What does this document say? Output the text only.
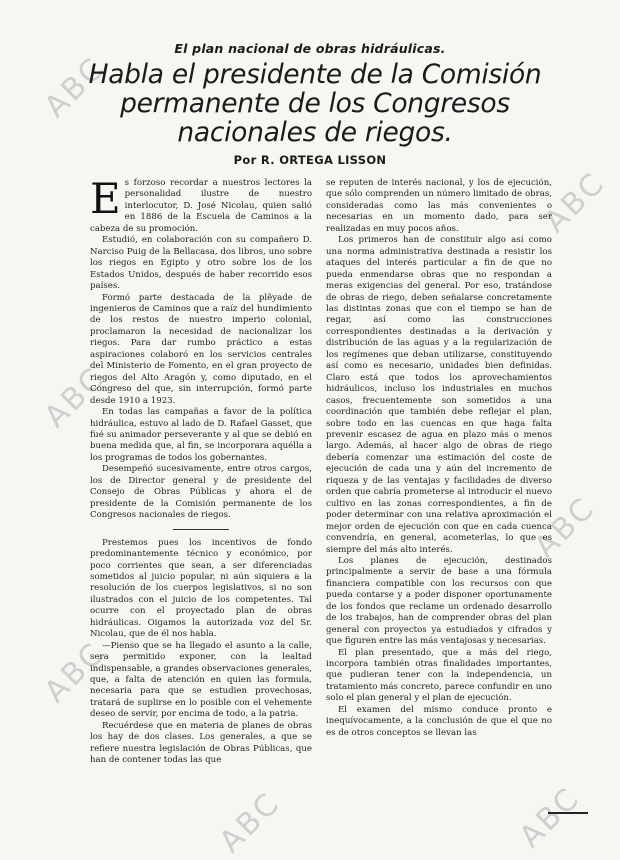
ABC
ABC
ABC
ABC
ABC
ABC	ABC
El plan nacional de obras hidráulicas.
Habla el presidente de la Comisión permanente de los Congresos nacionales de riegos.
Por R. ORTEGA LISSON

Es forzoso recordar a nuestros lectores la personalidad ilustre de nuestro interlocutor, D. José Nicolau, quien salió en 1886 de la Escuela de Caminos a la cabeza de su promoción.

Estudió, en colaboración con su compañero D. Narciso Puig de la Bellacasa, dos libros, uno sobre los riegos en Egipto y otro sobre los de los Estados Unidos, después de haber recorrido esos países.

Formó parte destacada de la plêyade de ingenieros de Caminos que a raíz del hundimiento de los restos de nuestro imperio colonial, proclamaron la necesidad de nacionalizar los riegos. Para dar rumbo práctico a estas aspiraciones colaboró en los servicios centrales del Ministerio de Fomento, en el gran proyecto de riegos del Alto Aragón y, como diputado, en el Congreso del que, sin interrupción, formó parte desde 1910 a 1923.

En todas las campañas a favor de la política hidráulica, estuvo al lado de D. Rafael Gasset, que fué su animador perseverante y al que se debió en buena medida que, al fin, se incorporara aquélla a los programas de todos los gobernantes.

Desempeñó sucesivamente, entre otros cargos, los de Director general y de presidente del Consejo de Obras Públicas y ahora el de presidente de la Comisión permanente de los Congresos nacionales de riegos.

Prestemos pues los incentivos de fondo predominantemente técnico y económico, por poco corrientes que sean, a ser diferenciadas sometidos al juicio popular, ni aún siquiera a la resolución de los cuerpos legislativos, si no son ilustrados con el juicio de los competentes. Tal ocurre con el proyectado plan de obras hidráulicas. Oigamos la autorizada voz del Sr. Nicolau, que de él nos habla.

—Pienso que se ha llegado el asunto a la calle, sera permitido exponer, con la lealtad indispensable, a grandes observaciones generales, que, a falta de atención en quien las formula, necesaria para que se estudien provechosas, tratará de suplirse en lo posible con el vehemente deseo de servir, por encima de todo, a la patria.

Recuérdese que en materia de planes de obras los hay de dos clases. Los generales, a que se refiere nuestra legislación de Obras Públicas, que han de contener todas las que

se reputen de interés nacional, y los de ejecución, que sólo comprenden un número limitado de obras, consideradas como las más convenientes o necesarias en un momento dado, para ser realizadas en muy pocos años.

Los primeros han de constituir algo así como una norma administrativa destinada a resistir los ataques del interés particular a fin de que no pueda enmendarse obras que no respondan a meras exigencias del general. Por eso, tratándose de obras de riego, deben señalarse concretamente las distintas zonas que con el tiempo se han de regar, así como las construcciones correspondientes destinadas a la derivación y distribución de las aguas y a la regularización de los regímenes que deban utilizarse, constituyendo así como es necesario, unidades bien definidas. Claro está que todos los aprovechamientos hidráulicos, incluso los industriales en muchos casos, frecuentemente son sometidos a una coordinación que también debe reflejar el plan, sobre todo en las cuencas en que haga falta prevenir escasez de agua en plazo más o menos largo. Además, al hacer algo de obras de riego debería comenzar una estimación del coste de ejecución de cada una y aún del incremento de riqueza y de las ventajas y facilidades de diverso orden que cabría prometerse al introducir el nuevo cultivo en las zonas correspondientes, a fin de poder determinar con una relativa aproximación el mejor orden de ejecución con que en cada cuenca convendría, en general, acometerlas, lo que es siempre del más alto interés.

Los planes de ejecución, destinados principalmente a servir de base a una fórmula financiera compatible con los recursos con que pueda contarse y a poder disponer oportunamente de los fondos que reclame un ordenado desarrollo de los trabajos, han de comprender obras del plan general con proyectos ya estudiados y cifrados y que figuren entre las más ventajosas y necesarias.

El plan presentado, que a más del riego, incorpora también otras finalidades importantes, que pudieran tener con la independencia, un tratamiento más concreto, parece confundir en uno solo el plan general y el plan de ejecución.

El examen del mismo conduce pronto e inequívocamente, a la conclusión de que el que no es de otros conceptos se llevan las
